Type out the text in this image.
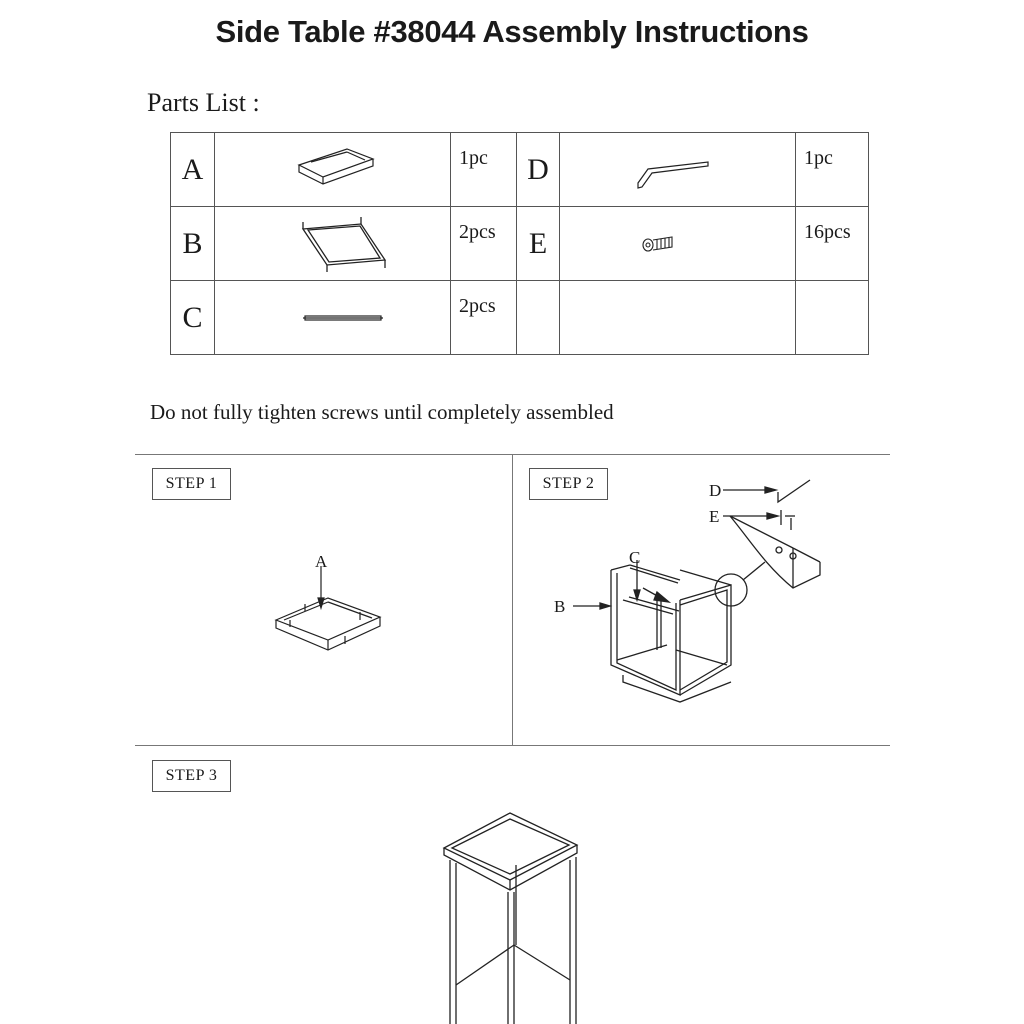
Side Table #38044 Assembly Instructions
Parts List :
A		1pc	D		1pc
B		2pcs	E		16pcs
C		2pcs			
Do not fully tighten screws until completely assembled
STEP 1	STEP 2
STEP 3
A
D
E
C
B
